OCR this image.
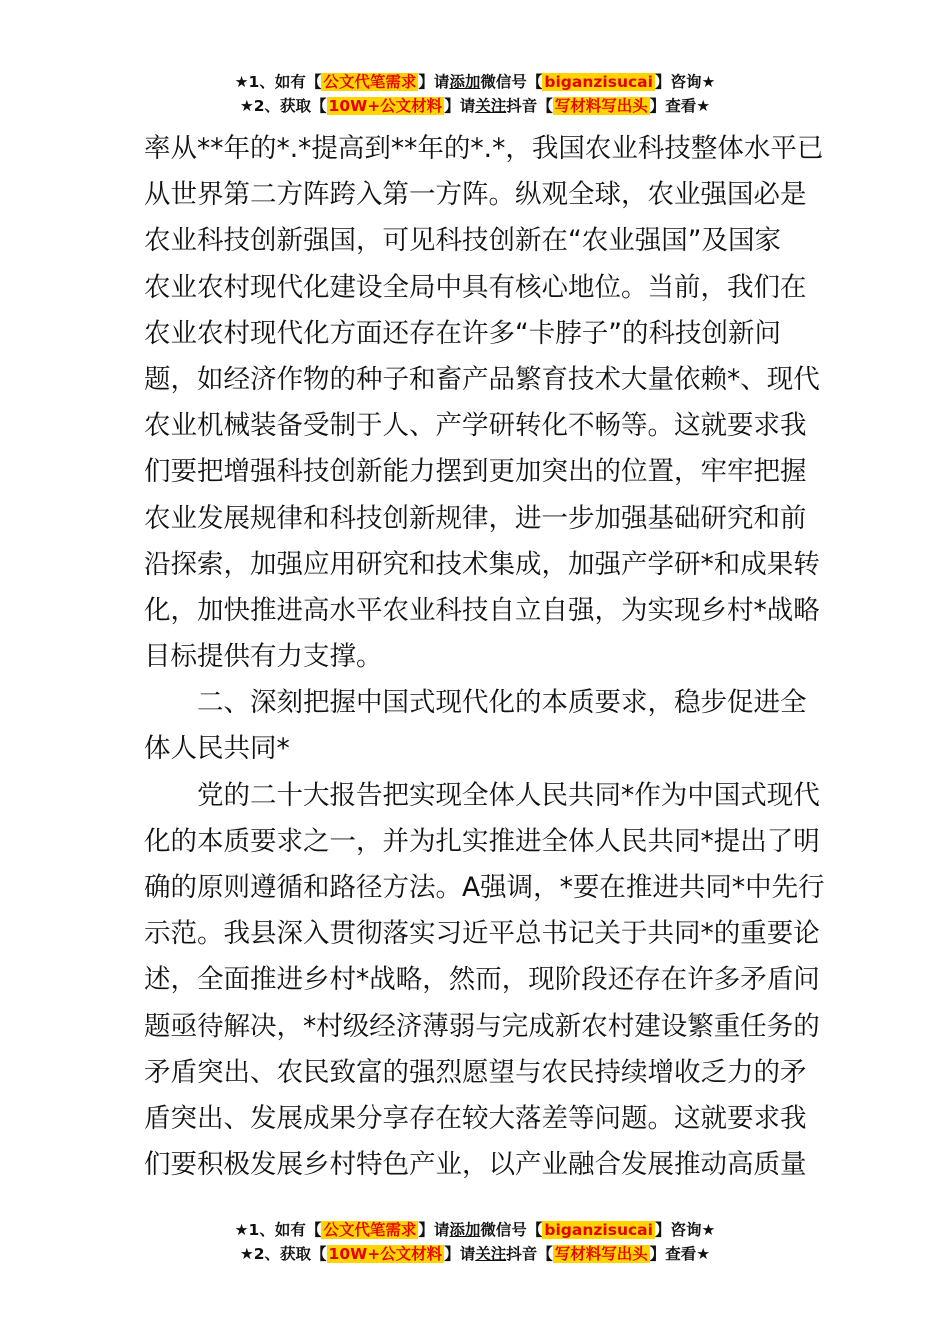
★1、如有【 公文代笔需求 】请添加微信号【 biganzisucai 】咨询★
★2、获取【 10W+公文材料 】请关注抖音【 写材料写出头 】查看★
率从**年的*.*提高到**年的*.*，我国农业科技整体水平已
从世界第二方阵跨入第一方阵。纵观全球，农业强国必是
农业科技创新强国，可见科技创新在“农业强国”及国家
农业农村现代化建设全局中具有核心地位。当前，我们在
农业农村现代化方面还存在许多“卡脖子”的科技创新问
题，如经济作物的种子和畜产品繁育技术大量依赖*、现代
农业机械装备受制于人、产学研转化不畅等。这就要求我
们要把增强科技创新能力摆到更加突出的位置，牢牢把握
农业发展规律和科技创新规律，进一步加强基础研究和前
沿探索，加强应用研究和技术集成，加强产学研*和成果转
化，加快推进高水平农业科技自立自强，为实现乡村*战略
目标提供有力支撑。
二、深刻把握中国式现代化的本质要求，稳步促进全
体人民共同*
党的二十大报告把实现全体人民共同*作为中国式现代
化的本质要求之一，并为扎实推进全体人民共同*提出了明
确的原则遵循和路径方法。A强调，*要在推进共同*中先行
示范。我县深入贯彻落实习近平总书记关于共同*的重要论
述，全面推进乡村*战略，然而，现阶段还存在许多矛盾问
题亟待解决，*村级经济薄弱与完成新农村建设繁重任务的
矛盾突出、农民致富的强烈愿望与农民持续增收乏力的矛
盾突出、发展成果分享存在较大落差等问题。这就要求我
们要积极发展乡村特色产业，以产业融合发展推动高质量
★1、如有【 公文代笔需求 】请添加微信号【 biganzisucai 】咨询★
★2、获取【 10W+公文材料 】请关注抖音【 写材料写出头 】查看★
